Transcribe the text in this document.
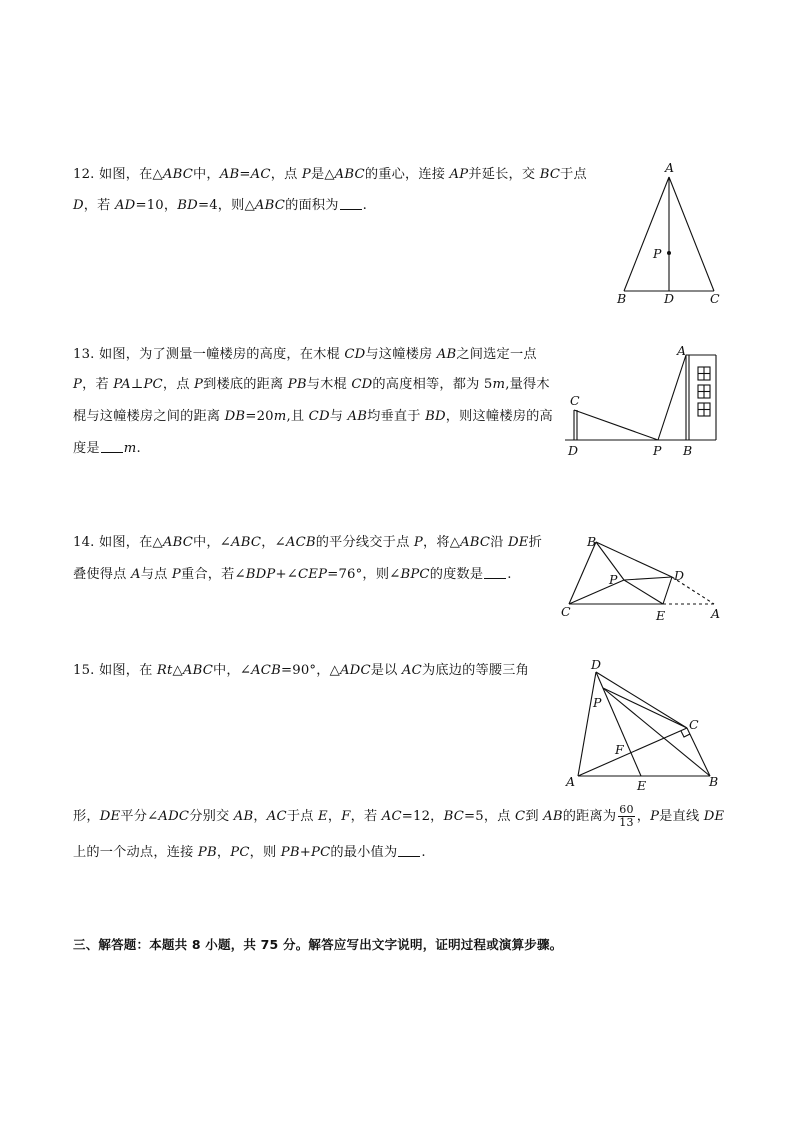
12. 如图，在△ABC中，AB=AC，点 P是△ABC的重心，连接 AP并延长，交 BC于点
D，若 AD=10，BD=4，则△ABC的面积为 .
A
P
B	D	C
13. 如图，为了测量一幢楼房的高度，在木棍 CD与这幢楼房 AB之间选定一点
P，若 PA⊥PC，点 P到楼底的距离 PB与木棍 CD的高度相等，都为 5m,量得木
棍与这幢楼房之间的距离 DB=20m,且 CD与 AB均垂直于 BD，则这幢楼房的高
度是 m.
A
C
D	P B
14. 如图，在△ABC中，∠ABC，∠ACB的平分线交于点 P，将△ABC沿 DE折
叠使得点 A与点 P重合，若∠BDP+∠CEP=76°，则∠BPC的度数是 .
B
P	D
C	E	A
15. 如图，在 Rt△ABC中，∠ACB=90°，△ADC是以 AC为底边的等腰三角	D
P
C
F
A	E	B
形，DE平分∠ADC分别交 AB，AC于点 E，F，若 AC=12，BC=5，点 C到 AB的距离为 $\frac{60}{13}$ ，P是直线 DE
上的一个动点，连接 PB，PC，则 PB+PC的最小值为 .
三、解答题：本题共 8 小题，共 75 分。解答应写出文字说明，证明过程或演算步骤。
